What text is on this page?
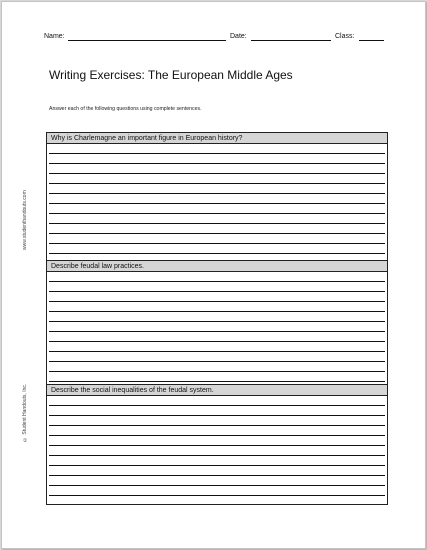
Name:	Date:	Class:
Writing Exercises: The European Middle Ages
Answer each of the following questions using complete sentences.
www.studenthandouts.com
© Student Handouts, Inc.
Why is Charlemagne an important figure in European history?
Describe feudal law practices.
Describe the social inequalities of the feudal system.
